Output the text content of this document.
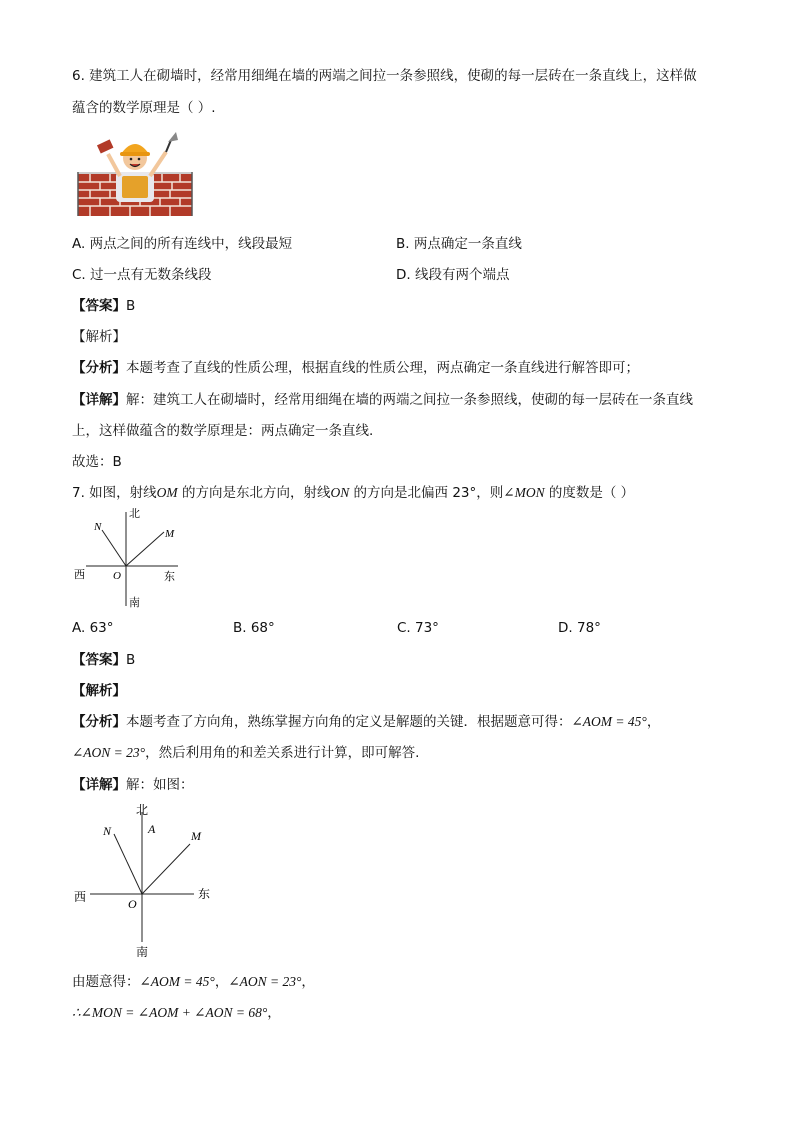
6. 建筑工人在砌墙时，经常用细绳在墙的两端之间拉一条参照线，使砌的每一层砖在一条直线上，这样做
蕴含的数学原理是（ ）.
A. 两点之间的所有连线中，线段最短	B. 两点确定一条直线
C. 过一点有无数条线段	D. 线段有两个端点
【答案】B
【解析】
【分析】本题考查了直线的性质公理，根据直线的性质公理，两点确定一条直线进行解答即可；
【详解】解：建筑工人在砌墙时，经常用细绳在墙的两端之间拉一条参照线，使砌的每一层砖在一条直线
上，这样做蕴含的数学原理是：两点确定一条直线.
故选：B
7. 如图，射线OM 的方向是东北方向，射线ON 的方向是北偏西 23°，则∠MON 的度数是（ ）
北
南
西	东
N
M
O
A. 63°	B. 68°	C. 73°	D. 78°
【答案】B
【解析】
【分析】本题考查了方向角，熟练掌握方向角的定义是解题的关键．根据题意可得：∠AOM = 45°，
∠AON = 23°，然后利用角的和差关系进行计算，即可解答.
【详解】解：如图：
北
南
西	东
N	M
O
A
由题意得：∠AOM = 45°，∠AON = 23°，
∴∠MON = ∠AOM + ∠AON = 68°，
